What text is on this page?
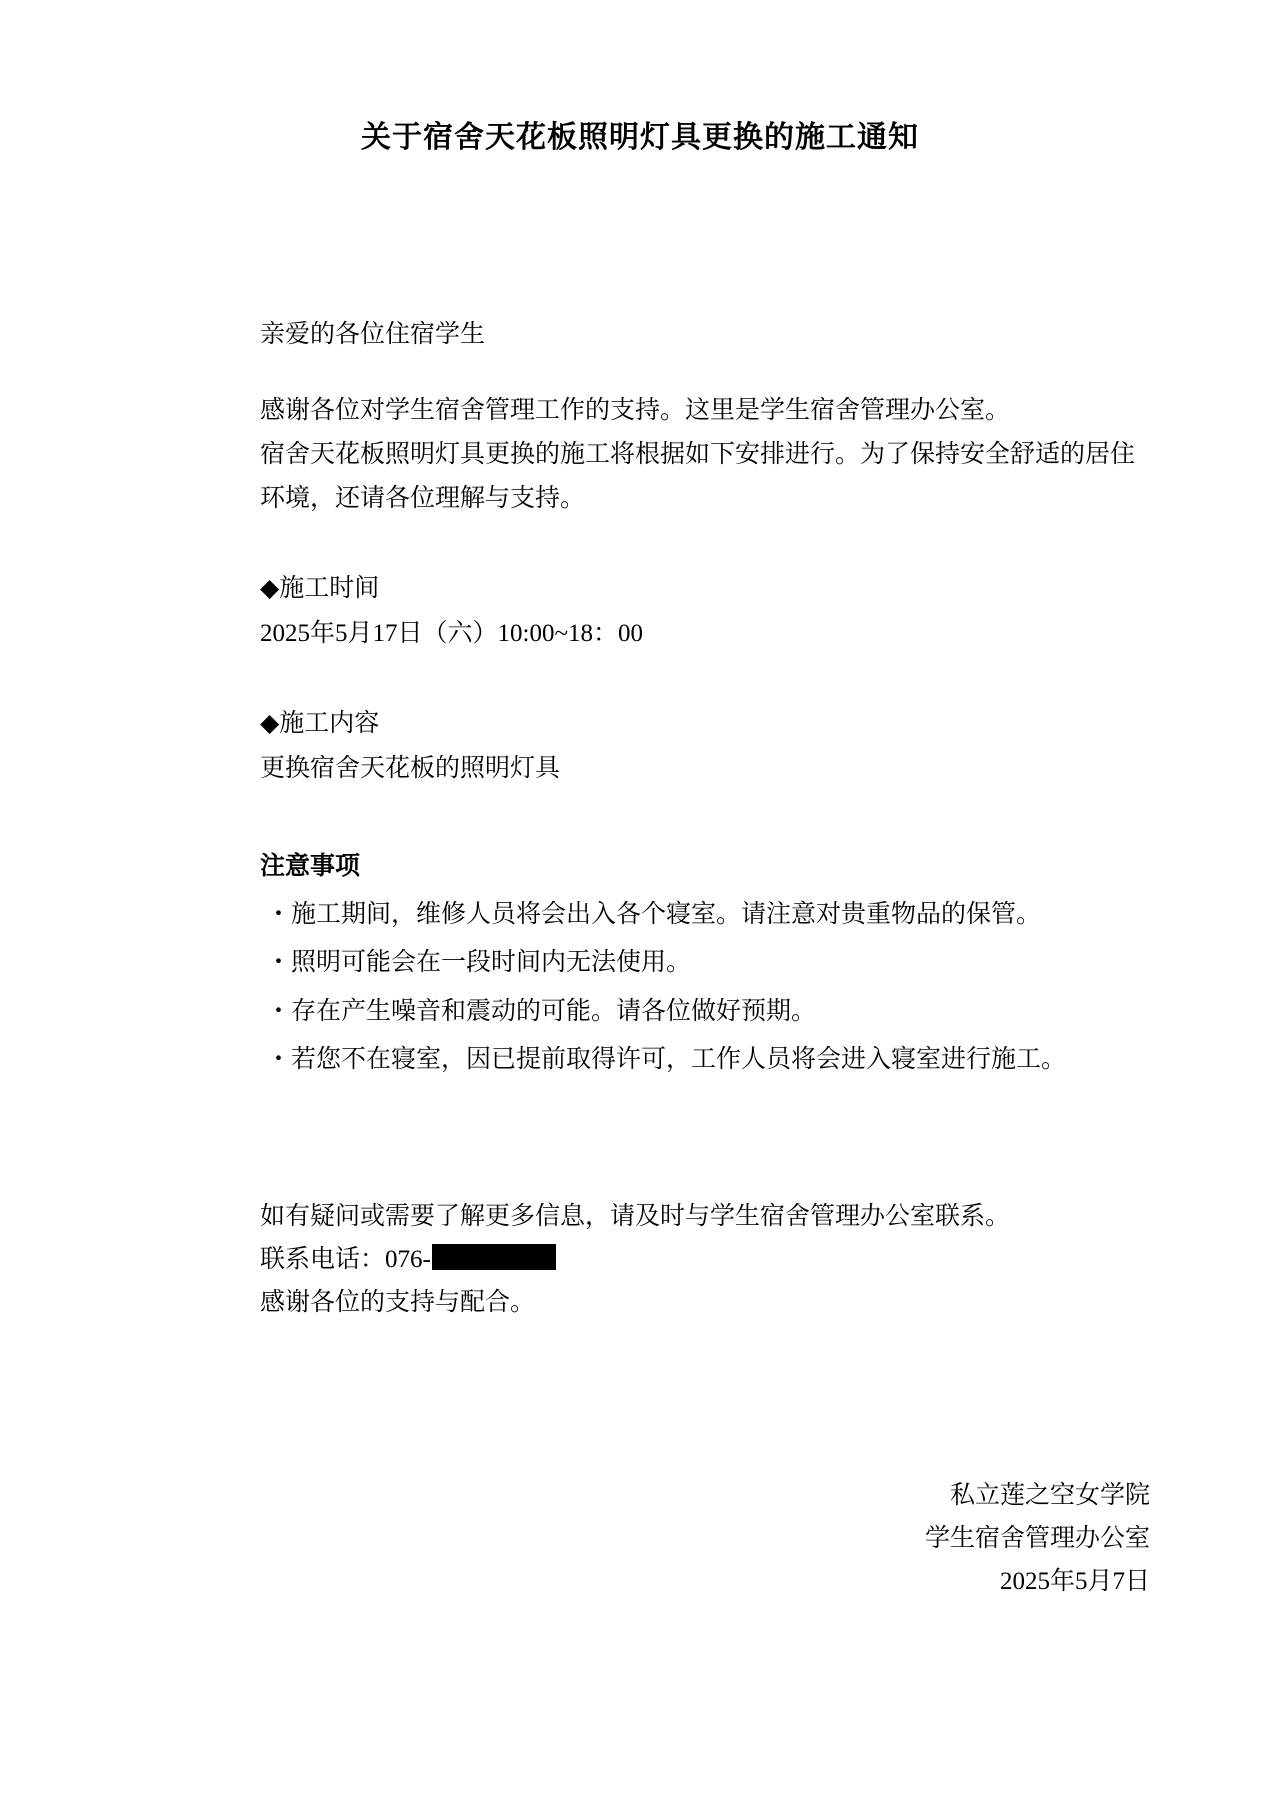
关于宿舍天花板照明灯具更换的施工通知
亲爱的各位住宿学生
感谢各位对学生宿舍管理工作的支持。这里是学生宿舍管理办公室。
宿舍天花板照明灯具更换的施工将根据如下安排进行。为了保持安全舒适的居住环境，还请各位理解与支持。
◆施工时间
2025年5月17日（六）10:00~18：00
◆施工内容
更换宿舍天花板的照明灯具
注意事项
・施工期间，维修人员将会出入各个寝室。请注意对贵重物品的保管。
・照明可能会在一段时间内无法使用。
・存在产生噪音和震动的可能。请各位做好预期。
・若您不在寝室，因已提前取得许可，工作人员将会进入寝室进行施工。
如有疑问或需要了解更多信息，请及时与学生宿舍管理办公室联系。
联系电话：076-
感谢各位的支持与配合。
私立莲之空女学院
学生宿舍管理办公室
2025年5月7日
